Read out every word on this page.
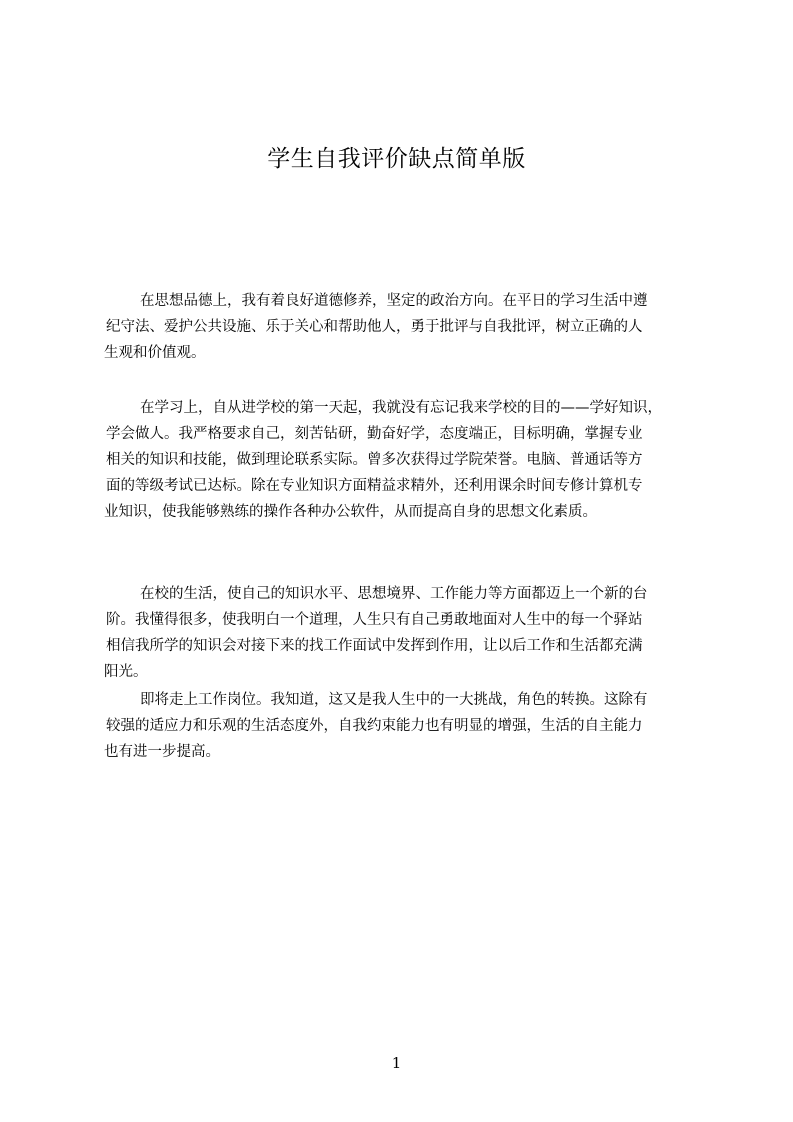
学生自我评价缺点简单版
在思想品德上，我有着良好道德修养，坚定的政治方向。在平日的学习生活中遵
纪守法、爱护公共设施、乐于关心和帮助他人，勇于批评与自我批评，树立正确的人
生观和价值观。
在学习上，自从进学校的第一天起，我就没有忘记我来学校的目的——学好知识，
学会做人。我严格要求自己，刻苦钻研，勤奋好学，态度端正，目标明确，掌握专业
相关的知识和技能，做到理论联系实际。曾多次获得过学院荣誉。电脑、普通话等方
面的等级考试已达标。除在专业知识方面精益求精外，还利用课余时间专修计算机专
业知识，使我能够熟练的操作各种办公软件，从而提高自身的思想文化素质。
在校的生活，使自己的知识水平、思想境界、工作能力等方面都迈上一个新的台
阶。我懂得很多，使我明白一个道理，人生只有自己勇敢地面对人生中的每一个驿站
相信我所学的知识会对接下来的找工作面试中发挥到作用，让以后工作和生活都充满
阳光。
即将走上工作岗位。我知道，这又是我人生中的一大挑战，角色的转换。这除有
较强的适应力和乐观的生活态度外，自我约束能力也有明显的增强，生活的自主能力
也有进一步提高。
1
